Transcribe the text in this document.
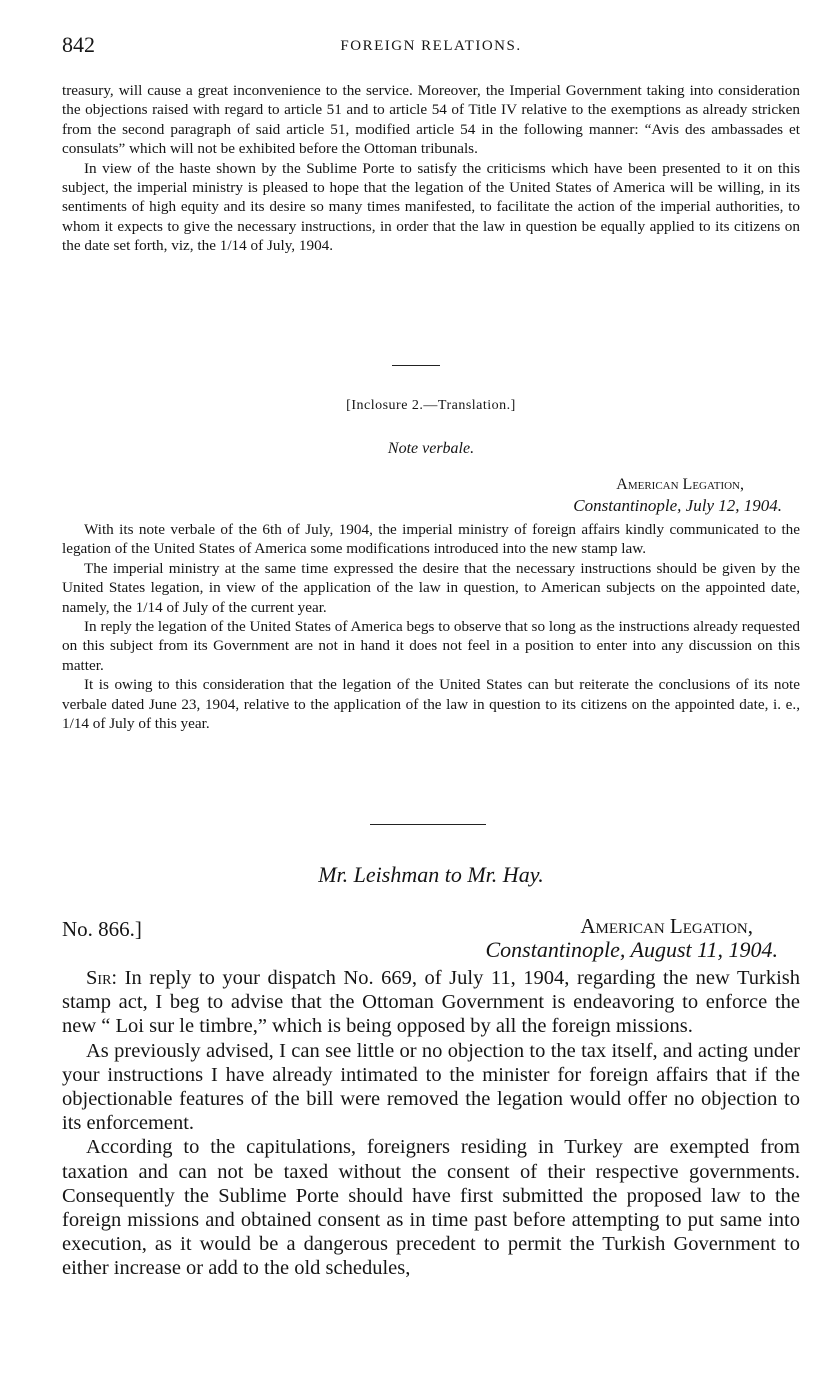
842	FOREIGN RELATIONS.

treasury, will cause a great inconvenience to the service. Moreover, the Imperial Government taking into consideration the objections raised with regard to article 51 and to article 54 of Title IV relative to the exemptions as already stricken from the second paragraph of said article 51, modified article 54 in the following manner: “Avis des ambassades et consulats” which will not be exhibited before the Ottoman tribunals.

In view of the haste shown by the Sublime Porte to satisfy the criticisms which have been presented to it on this subject, the imperial ministry is pleased to hope that the legation of the United States of America will be willing, in its sentiments of high equity and its desire so many times manifested, to facilitate the action of the imperial authorities, to whom it expects to give the necessary instructions, in order that the law in question be equally applied to its citizens on the date set forth, viz, the 1/14 of July, 1904.

[Inclosure 2.—Translation.]
Note verbale.
American Legation,
Constantinople, July 12, 1904.

With its note verbale of the 6th of July, 1904, the imperial ministry of foreign affairs kindly communicated to the legation of the United States of America some modifications introduced into the new stamp law.

The imperial ministry at the same time expressed the desire that the necessary instructions should be given by the United States legation, in view of the application of the law in question, to American subjects on the appointed date, namely, the 1/14 of July of the current year.

In reply the legation of the United States of America begs to observe that so long as the instructions already requested on this subject from its Government are not in hand it does not feel in a position to enter into any discussion on this matter.

It is owing to this consideration that the legation of the United States can but reiterate the conclusions of its note verbale dated June 23, 1904, relative to the application of the law in question to its citizens on the appointed date, i. e., 1/14 of July of this year.

Mr. Leishman to Mr. Hay.
No. 866.]	American Legation,
Constantinople, August 11, 1904.

Sir: In reply to your dispatch No. 669, of July 11, 1904, regarding the new Turkish stamp act, I beg to advise that the Ottoman Government is endeavoring to enforce the new “ Loi sur le timbre,” which is being opposed by all the foreign missions.

As previously advised, I can see little or no objection to the tax itself, and acting under your instructions I have already intimated to the minister for foreign affairs that if the objectionable features of the bill were removed the legation would offer no objection to its enforcement.

According to the capitulations, foreigners residing in Turkey are exempted from taxation and can not be taxed without the consent of their respective governments. Consequently the Sublime Porte should have first submitted the proposed law to the foreign missions and obtained consent as in time past before attempting to put same into execution, as it would be a dangerous precedent to permit the Turkish Government to either increase or add to the old schedules,
